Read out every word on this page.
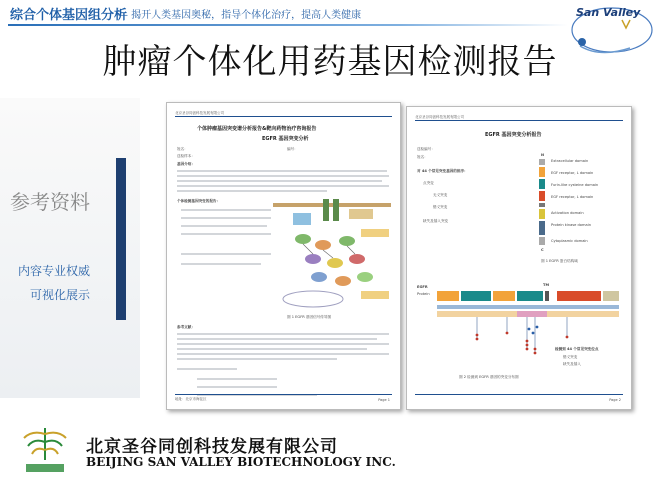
综合个体基因组分析
— 揭开人类基因奥秘，指导个体化治疗，提高人类健康	San Valley
肿瘤个体化用药基因检测报告
参考资料
内容专业权威
可视化展示
北京圣谷同创科技发展有限公司
个体肿瘤基因突变谱分析报告&靶向药物治疗咨询报告
EGFR 基因突变分析
姓名：	编号：
送检样本：
基因介绍：
个体检测基因突变的报告：
图 1 EGFR 基因信号传导图
参考文献：
地址：北京市海淀区	Page 1
北京圣谷同创科技发展有限公司
EGFR 基因突变分析报告
送检编号：
姓名：
对 44 个常见突变基因的排序：
点突变
无义突变
错义突变
缺失及插入突变
N
Extracellular domain
EGF receptor, L domain
Furin-like cysteine domain
EGF receptor, L domain
Activation domain
Protein kinase domain
Cytoplasmic domain
C
图 1 EGFR 蛋白结构域
EGFR
Protein
TM
检测到 44 个常见突变位点
错义突变
缺失及插入
图 2 检测到 EGFR 基因的突变分布图
Page 2
北京圣谷同创科技发展有限公司
BEIJING SAN VALLEY BIOTECHNOLOGY INC.
